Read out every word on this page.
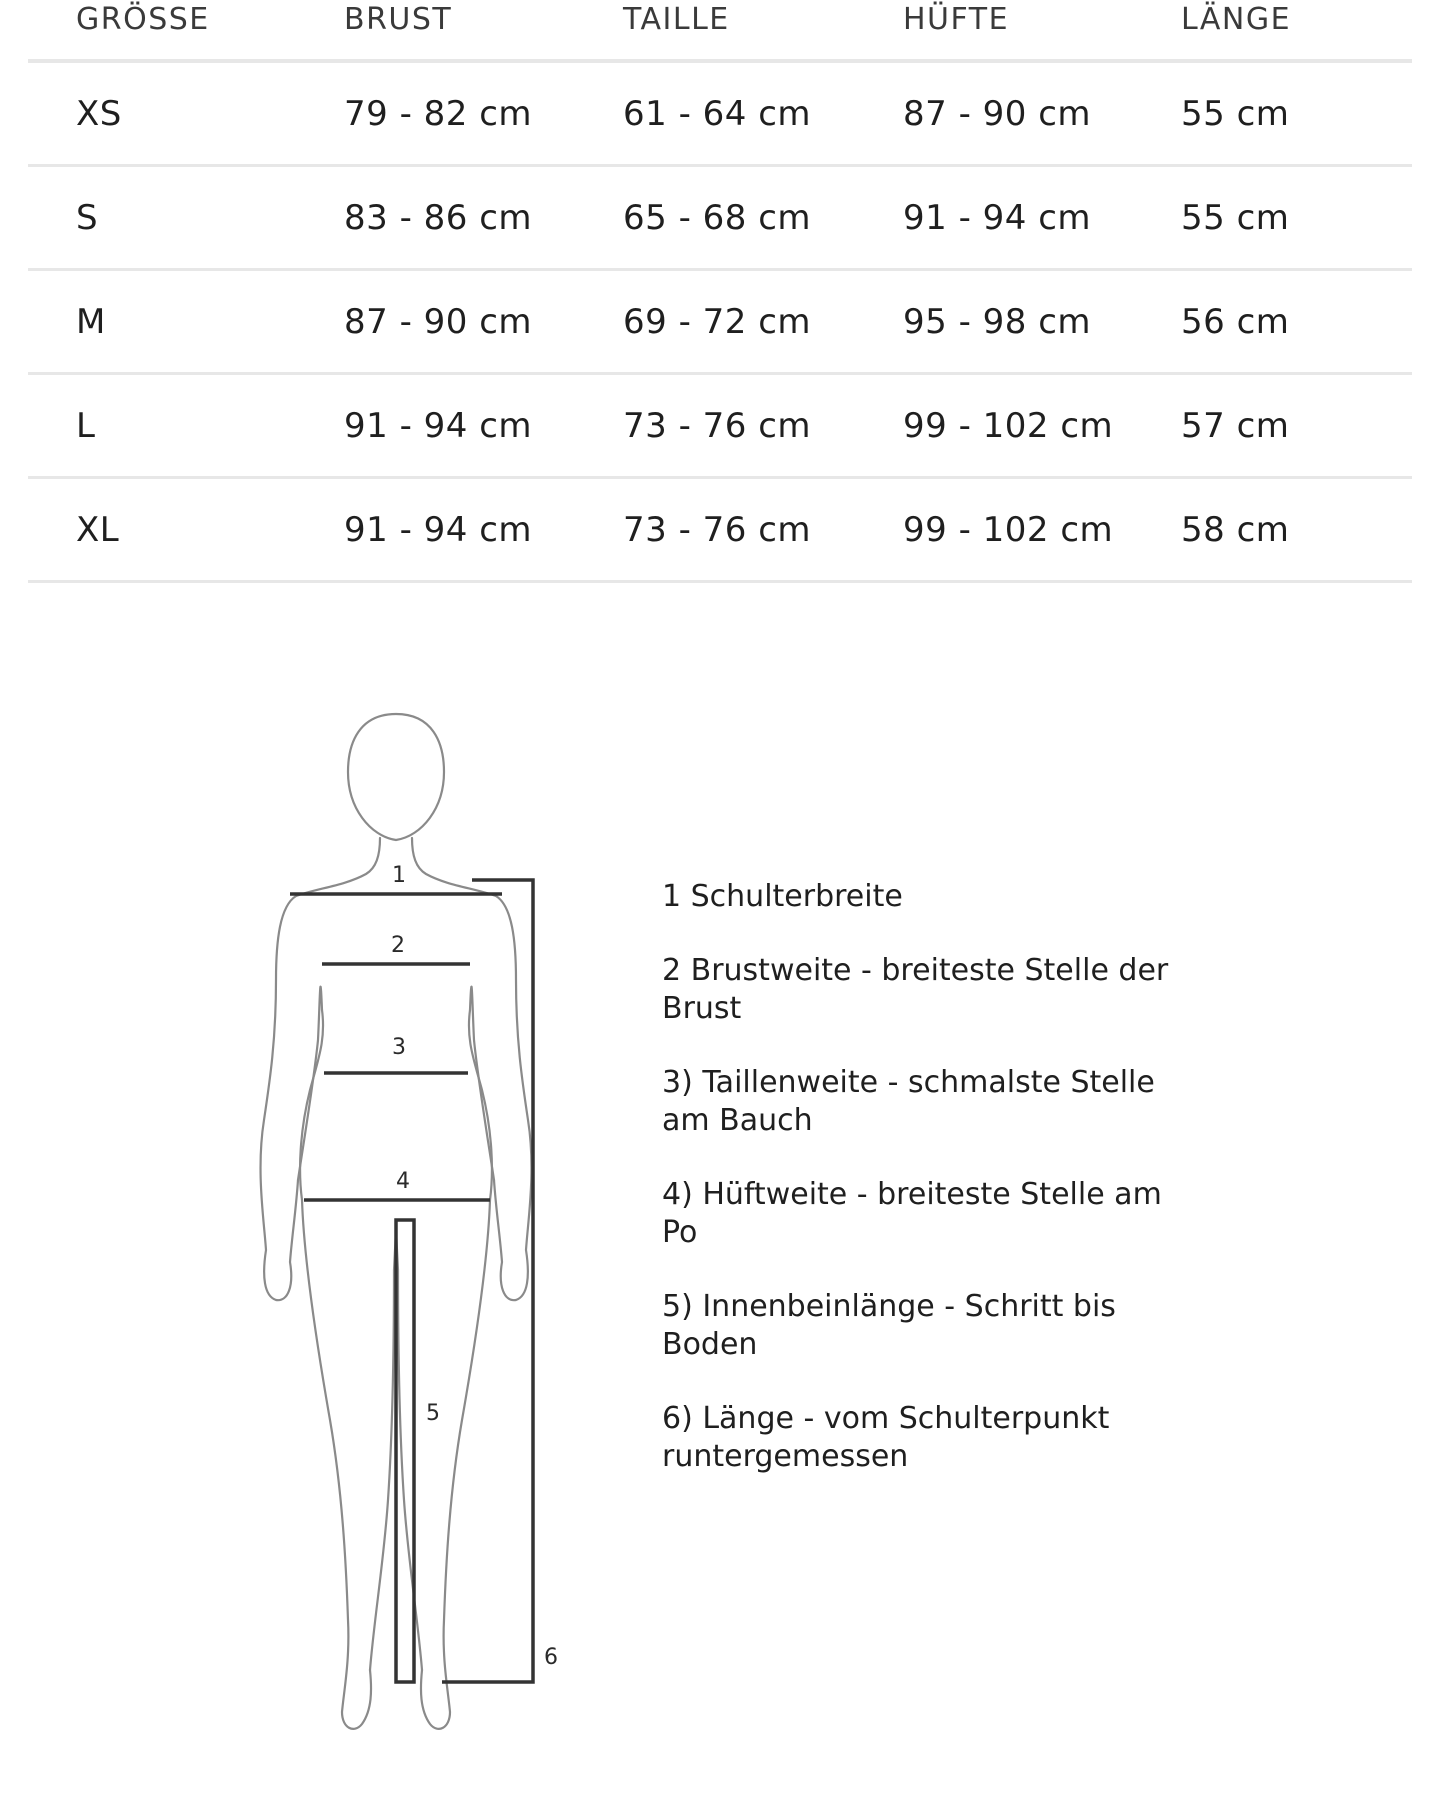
GRÖSSE	BRUST	TAILLE	HÜFTE	LÄNGE
XS	79 - 82 cm	61 - 64 cm	87 - 90 cm	55 cm
S	83 - 86 cm	65 - 68 cm	91 - 94 cm	55 cm
M	87 - 90 cm	69 - 72 cm	95 - 98 cm	56 cm
L	91 - 94 cm	73 - 76 cm	99 - 102 cm 57 cm
XL	91 - 94 cm	73 - 76 cm	99 - 102 cm 58 cm
1
2
3
4
5
6
1 Schulterbreite
2 Brustweite - breiteste Stelle der Brust
3) Taillenweite - schmalste Stelle am Bauch
4) Hüftweite - breiteste Stelle am Po
5) Innenbeinlänge - Schritt bis Boden
6) Länge - vom Schulterpunkt runtergemessen
